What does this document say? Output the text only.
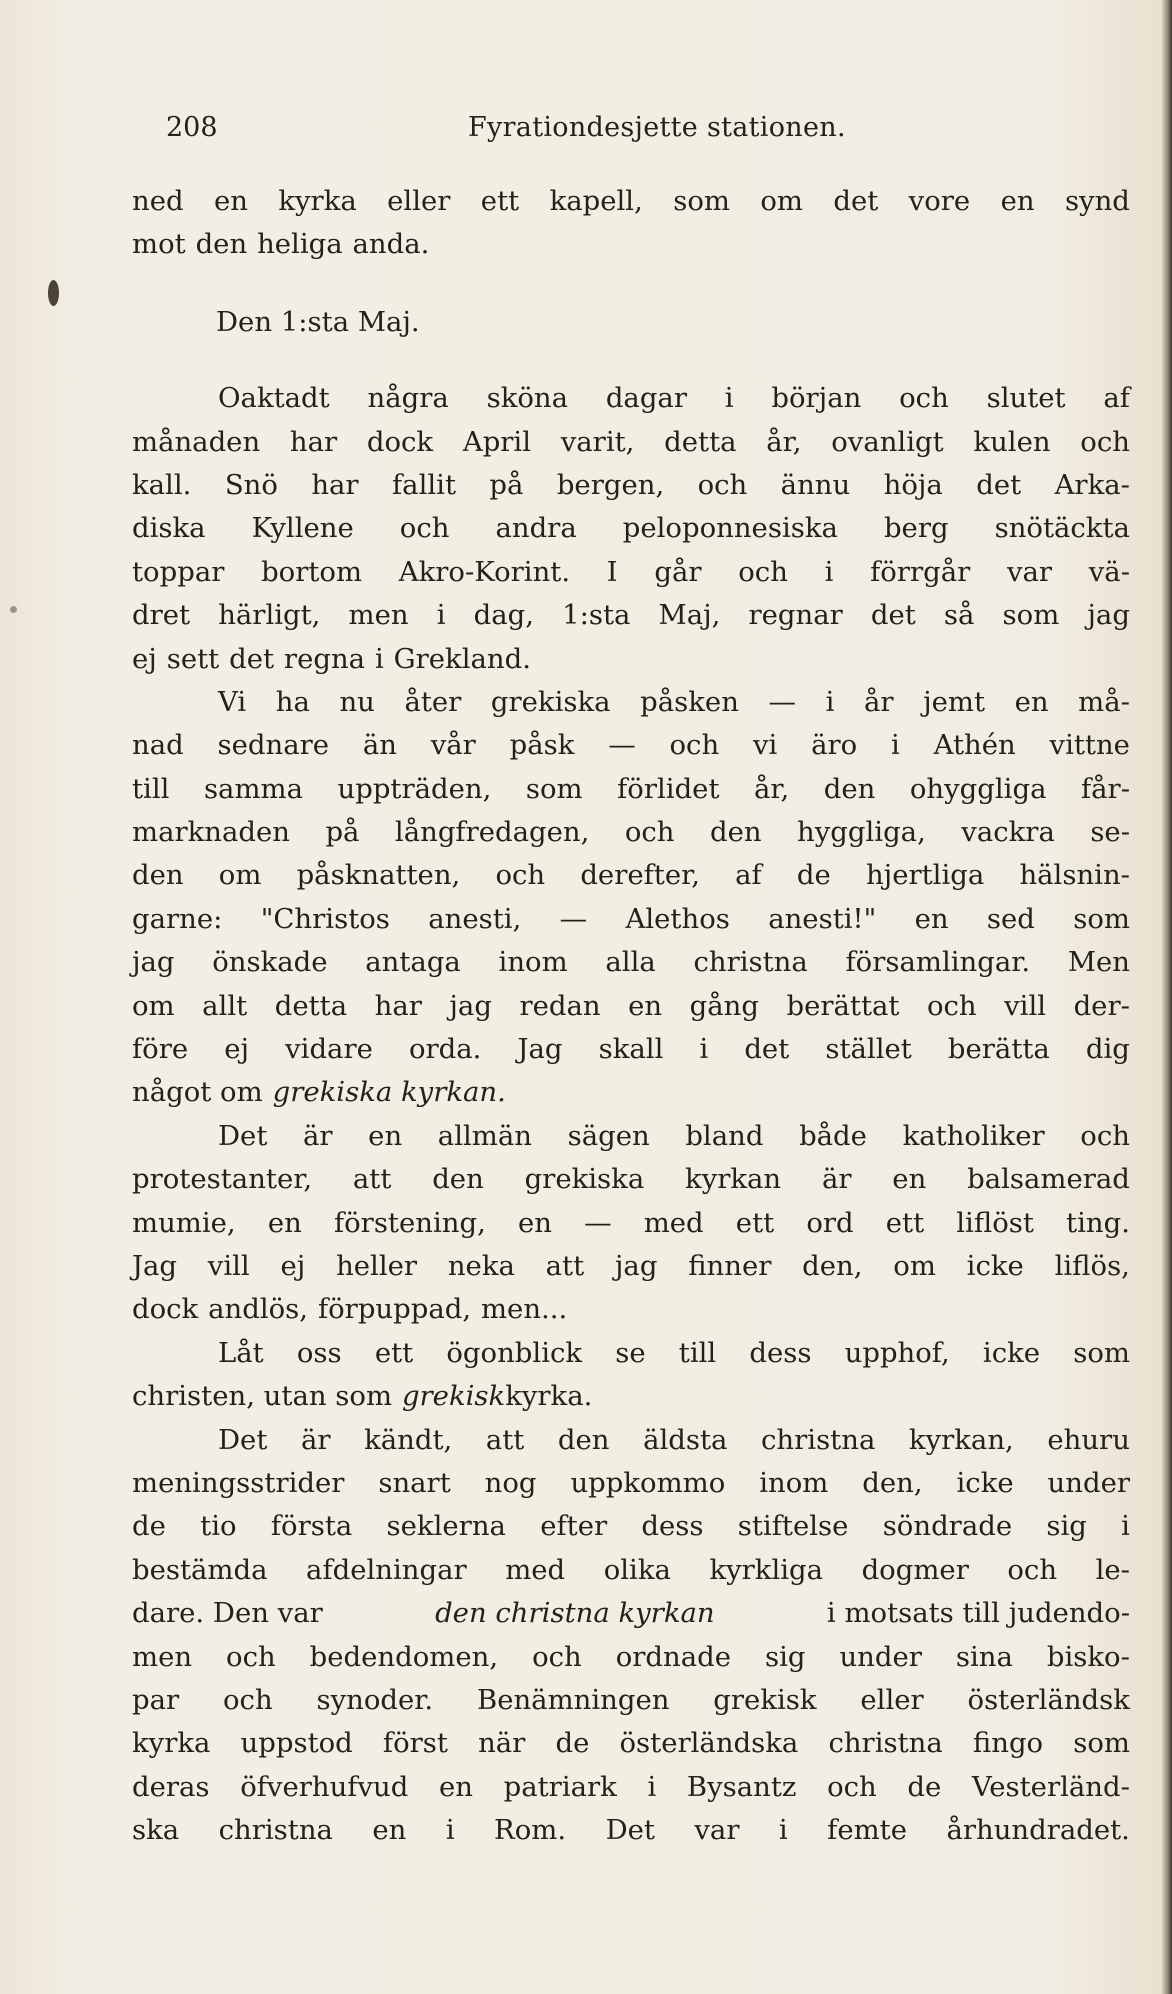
208	Fyrationdesjette stationen.
ned en kyrka eller ett kapell, som om det vore en synd
mot den heliga anda.
Den 1:sta Maj.
Oaktadt några sköna dagar i början och slutet af
månaden har dock April varit, detta år, ovanligt kulen och
kall. Snö har fallit på bergen, och ännu höja det Arka-
diska Kyllene och andra peloponnesiska berg snötäckta
toppar bortom Akro-Korint. I går och i förrgår var vä-
dret härligt, men i dag, 1:sta Maj, regnar det så som jag
ej sett det regna i Grekland.
Vi ha nu åter grekiska påsken — i år jemt en må-
nad sednare än vår påsk — och vi äro i Athén vittne
till samma uppträden, som förlidet år, den ohyggliga får-
marknaden på långfredagen, och den hyggliga, vackra se-
den om påsknatten, och derefter, af de hjertliga hälsnin-
garne: "Christos anesti, — Alethos anesti!" en sed som
jag önskade antaga inom alla christna församlingar. Men
om allt detta har jag redan en gång berättat och vill der-
före ej vidare orda. Jag skall i det stället berätta dig
något om grekiska kyrkan.
Det är en allmän sägen bland både katholiker och
protestanter, att den grekiska kyrkan är en balsamerad
mumie, en förstening, en — med ett ord ett liflöst ting.
Jag vill ej heller neka att jag finner den, om icke liflös,
dock andlös, förpuppad, men...
Låt oss ett ögonblick se till dess upphof, icke som
christen, utan som grekisk kyrka.
Det är kändt, att den äldsta christna kyrkan, ehuru
meningsstrider snart nog uppkommo inom den, icke under
de tio första seklerna efter dess stiftelse söndrade sig i
bestämda afdelningar med olika kyrkliga dogmer och le-
dare. Den var	den christna kyrkan	i motsats till judendo-
men och bedendomen, och ordnade sig under sina bisko-
par och synoder. Benämningen grekisk eller österländsk
kyrka uppstod först när de österländska christna fingo som
deras öfverhufvud en patriark i Bysantz och de Vesterländ-
ska christna en i Rom. Det var i femte århundradet.
